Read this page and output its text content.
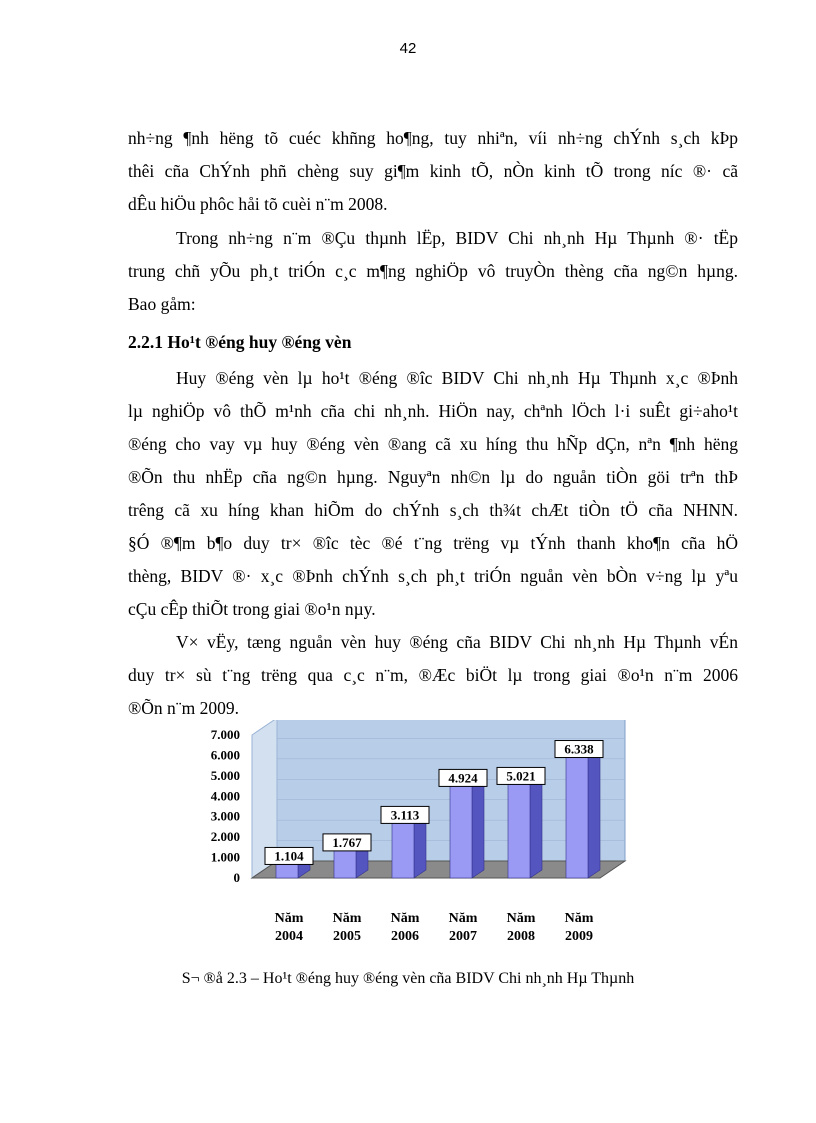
42
nh÷ng ¶nh hëng tõ cuéc khñng ho¶ng, tuy nhiªn, víi nh÷ng chÝnh s¸ch kÞp
thêi cña ChÝnh phñ chèng suy gi¶m kinh tÕ, nÒn kinh tÕ trong níc ®· cã
dÊu hiÖu phôc håi tõ cuèi n¨m 2008.
Trong nh÷ng n¨m ®Çu thµnh lËp, BIDV Chi nh¸nh Hµ Thµnh ®· tËp
trung chñ yÕu ph¸t triÓn c¸c m¶ng nghiÖp vô truyÒn thèng cña ng©n hµng.
Bao gåm:
2.2.1 Ho¹t ®éng huy ®éng vèn
Huy ®éng vèn lµ ho¹t ®éng ®îc BIDV Chi nh¸nh Hµ Thµnh x¸c ®Þnh
lµ nghiÖp vô thÕ m¹nh cña chi nh¸nh. HiÖn nay, chªnh lÖch l·i suÊt gi÷aho¹t
®éng cho vay vµ huy ®éng vèn ®ang cã xu híng thu hÑp dÇn, nªn ¶nh hëng
®Õn thu nhËp cña ng©n hµng. Nguyªn nh©n lµ do nguån tiÒn göi trªn thÞ
trêng cã xu híng khan hiÕm do chÝnh s¸ch th¾t chÆt tiÒn tÖ cña NHNN.
§Ó ®¶m b¶o duy tr× ®îc tèc ®é t¨ng trëng vµ tÝnh thanh kho¶n cña hÖ
thèng, BIDV ®· x¸c ®Þnh chÝnh s¸ch ph¸t triÓn nguån vèn bÒn v÷ng lµ yªu
cÇu cÊp thiÕt trong giai ®o¹n nµy.
V× vËy, tæng nguån vèn huy ®éng cña BIDV Chi nh¸nh Hµ Thµnh vÉn
duy tr× sù t¨ng trëng qua c¸c n¨m, ®Æc biÖt lµ trong giai ®o¹n n¨m 2006
®Õn n¨m 2009.
0
1.000
2.000
3.000
4.000
5.000
6.000
7.000
1.104
Năm
2004
1.767
Năm
2005
3.113
Năm
2006
4.924
Năm
2007
5.021
Năm
2008
6.338
Năm
2009
S¬ ®å 2.3 – Ho¹t ®éng huy ®éng vèn cña BIDV Chi nh¸nh Hµ Thµnh
